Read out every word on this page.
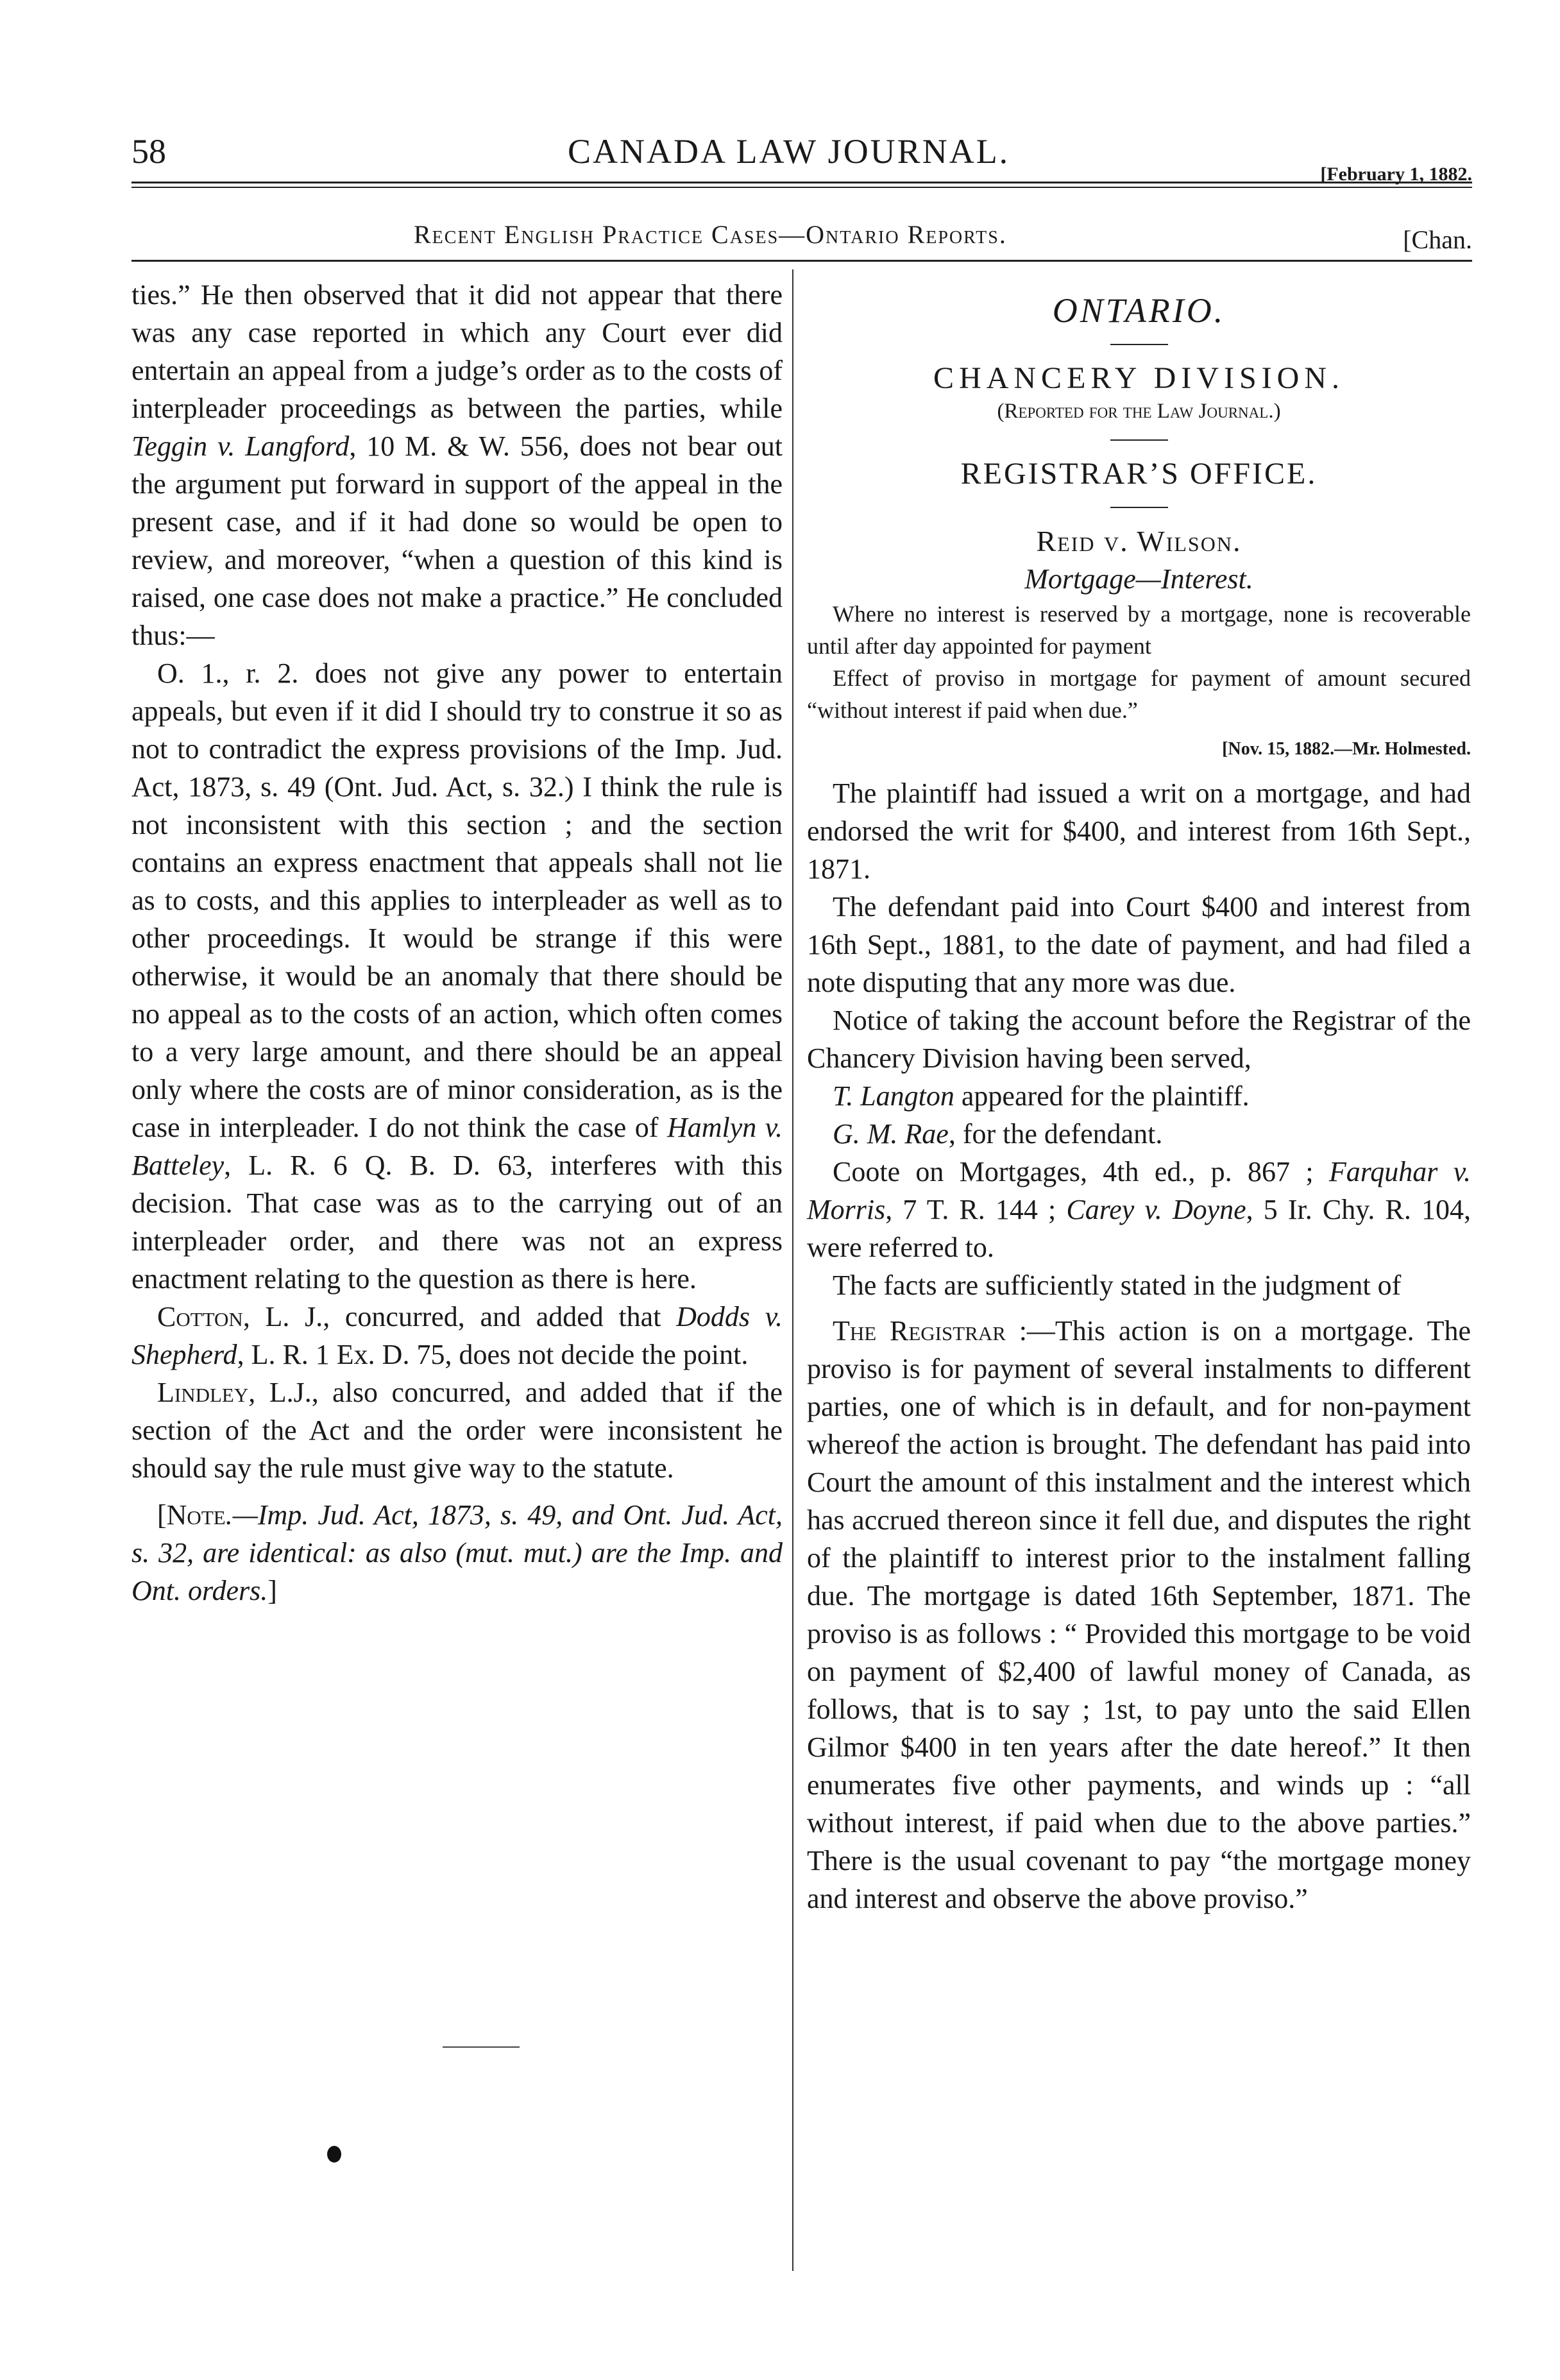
58	CANADA LAW JOURNAL.
[February 1, 1882.
Recent English Practice Cases—Ontario Reports.	[Chan.

ties.” He then observed that it did not appear that there was any case reported in which any Court ever did entertain an appeal from a judge’s order as to the costs of interpleader proceedings as between the parties, while Teggin v. Langford, 10 M. & W. 556, does not bear out the argument put forward in support of the appeal in the present case, and if it had done so would be open to review, and moreover, “when a question of this kind is raised, one case does not make a practice.” He concluded thus:—

O. 1., r. 2. does not give any power to entertain appeals, but even if it did I should try to construe it so as not to contradict the express provisions of the Imp. Jud. Act, 1873, s. 49 (Ont. Jud. Act, s. 32.) I think the rule is not inconsistent with this section ; and the section contains an express enactment that appeals shall not lie as to costs, and this applies to interpleader as well as to other proceedings. It would be strange if this were otherwise, it would be an anomaly that there should be no appeal as to the costs of an action, which often comes to a very large amount, and there should be an appeal only where the costs are of minor consideration, as is the case in interpleader. I do not think the case of Hamlyn v. Batteley, L. R. 6 Q. B. D. 63, interferes with this decision. That case was as to the carrying out of an interpleader order, and there was not an express enactment relating to the question as there is here.

Cotton, L. J., concurred, and added that Dodds v. Shepherd, L. R. 1 Ex. D. 75, does not decide the point.

Lindley, L.J., also concurred, and added that if the section of the Act and the order were inconsistent he should say the rule must give way to the statute.

[Note.—Imp. Jud. Act, 1873, s. 49, and Ont. Jud. Act, s. 32, are identical: as also (mut. mut.) are the Imp. and Ont. orders.]

ONTARIO.
CHANCERY DIVISION.
(Reported for the Law Journal.)
REGISTRAR’S OFFICE.
Reid v. Wilson.
Mortgage—Interest.

Where no interest is reserved by a mortgage, none is recoverable until after day appointed for payment

Effect of proviso in mortgage for payment of amount secured “without interest if paid when due.”

[Nov. 15, 1882.—Mr. Holmested.

The plaintiff had issued a writ on a mortgage, and had endorsed the writ for $400, and interest from 16th Sept., 1871.

The defendant paid into Court $400 and interest from 16th Sept., 1881, to the date of payment, and had filed a note disputing that any more was due.

Notice of taking the account before the Registrar of the Chancery Division having been served,

T. Langton appeared for the plaintiff.

G. M. Rae, for the defendant.

Coote on Mortgages, 4th ed., p. 867 ; Farquhar v. Morris, 7 T. R. 144 ; Carey v. Doyne, 5 Ir. Chy. R. 104, were referred to.

The facts are sufficiently stated in the judgment of

The Registrar :—This action is on a mortgage. The proviso is for payment of several instalments to different parties, one of which is in default, and for non-payment whereof the action is brought. The defendant has paid into Court the amount of this instalment and the interest which has accrued thereon since it fell due, and disputes the right of the plaintiff to interest prior to the instalment falling due. The mortgage is dated 16th September, 1871. The proviso is as follows : “ Provided this mortgage to be void on payment of $2,400 of lawful money of Canada, as follows, that is to say ; 1st, to pay unto the said Ellen Gilmor $400 in ten years after the date hereof.” It then enumerates five other payments, and winds up : “all without interest, if paid when due to the above parties.” There is the usual covenant to pay “the mortgage money and interest and observe the above proviso.”
